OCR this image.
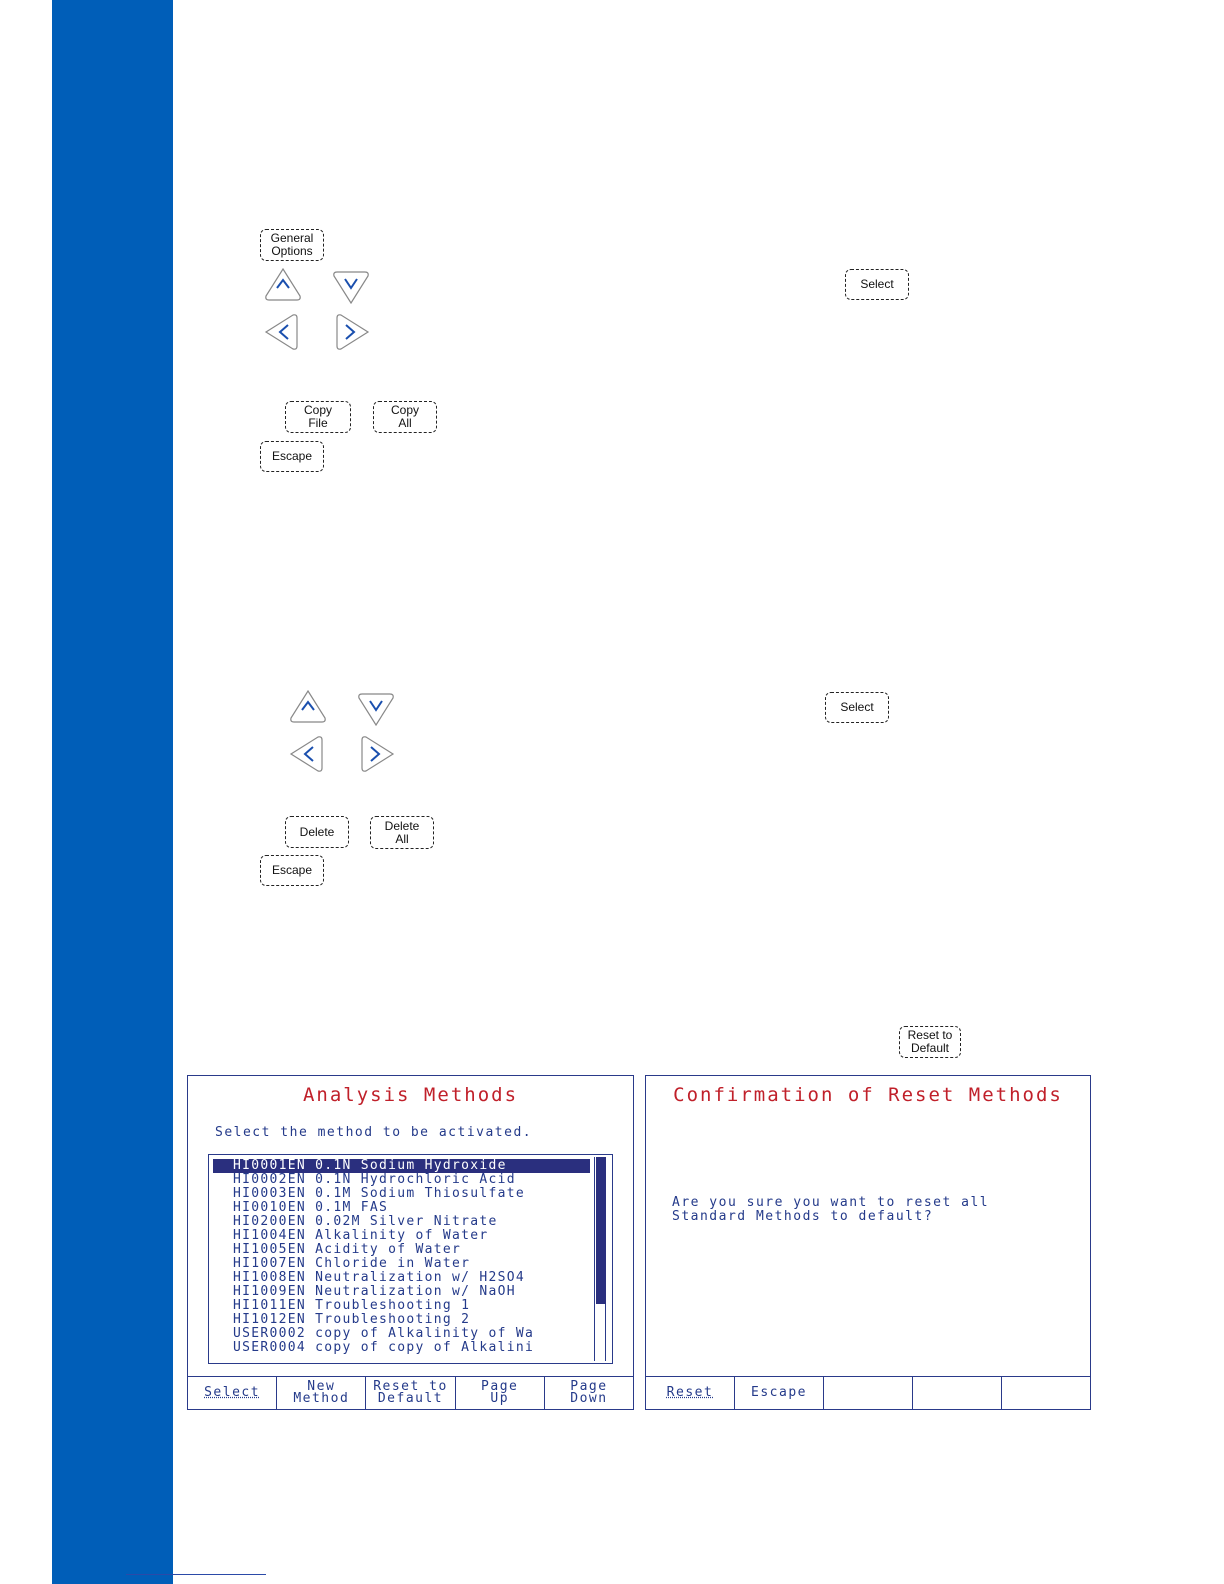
General
Options
Select
Copy
File
Copy
All
Escape
Select
Delete	Delete
All
Escape
Reset to
Default
Analysis Methods
Select the method to be activated.
HI0001EN 0.1N Sodium Hydroxide
HI0002EN 0.1N Hydrochloric Acid
HI0003EN 0.1M Sodium Thiosulfate
HI0010EN 0.1M FAS
HI0200EN 0.02M Silver Nitrate
HI1004EN Alkalinity of Water
HI1005EN Acidity of Water
HI1007EN Chloride in Water
HI1008EN Neutralization w/ H2SO4
HI1009EN Neutralization w/ NaOH
HI1011EN Troubleshooting 1
HI1012EN Troubleshooting 2
USER0002 copy of Alkalinity of Wa
USER0004 copy of copy of Alkalini
Select	New
Method
Reset to
Default
Page
Up
Page
Down
Confirmation of Reset Methods
Are you sure you want to reset all
Standard Methods to default?
Reset	Escape
